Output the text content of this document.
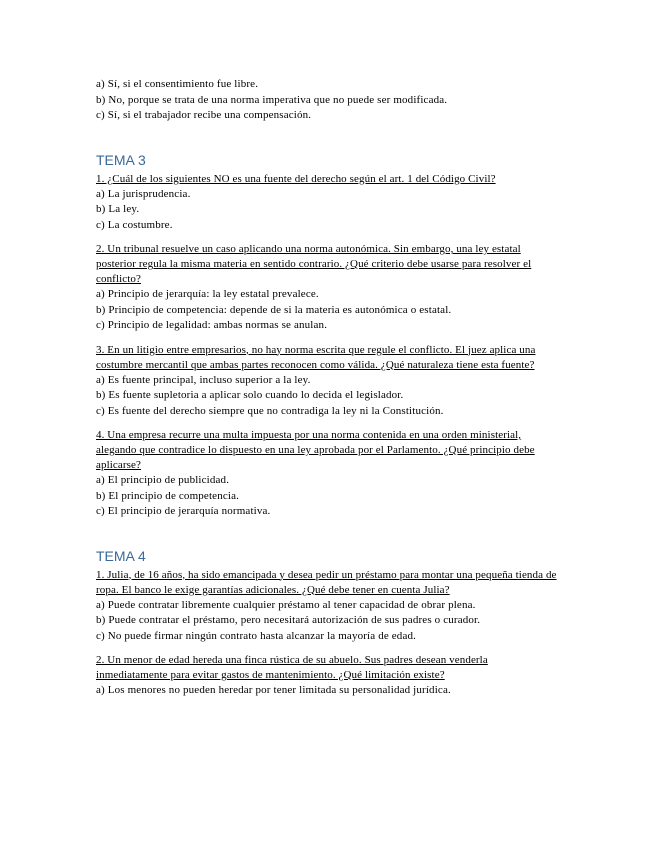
a) Sí, si el consentimiento fue libre.
b) No, porque se trata de una norma imperativa que no puede ser modificada.
c) Sí, si el trabajador recibe una compensación.
TEMA 3
1. ¿Cuál de los siguientes NO es una fuente del derecho según el art. 1 del Código Civil?
a) La jurisprudencia.
b) La ley.
c) La costumbre.
2. Un tribunal resuelve un caso aplicando una norma autonómica. Sin embargo, una ley estatal posterior regula la misma materia en sentido contrario. ¿Qué criterio debe usarse para resolver el conflicto?
a) Principio de jerarquía: la ley estatal prevalece.
b) Principio de competencia: depende de si la materia es autonómica o estatal.
c) Principio de legalidad: ambas normas se anulan.
3. En un litigio entre empresarios, no hay norma escrita que regule el conflicto. El juez aplica una costumbre mercantil que ambas partes reconocen como válida. ¿Qué naturaleza tiene esta fuente?
a) Es fuente principal, incluso superior a la ley.
b) Es fuente supletoria a aplicar solo cuando lo decida el legislador.
c) Es fuente del derecho siempre que no contradiga la ley ni la Constitución.
4. Una empresa recurre una multa impuesta por una norma contenida en una orden ministerial, alegando que contradice lo dispuesto en una ley aprobada por el Parlamento. ¿Qué principio debe aplicarse?
a) El principio de publicidad.
b) El principio de competencia.
c) El principio de jerarquía normativa.
TEMA 4
1. Julia, de 16 años, ha sido emancipada y desea pedir un préstamo para montar una pequeña tienda de ropa. El banco le exige garantías adicionales. ¿Qué debe tener en cuenta Julia?
a) Puede contratar libremente cualquier préstamo al tener capacidad de obrar plena.
b) Puede contratar el préstamo, pero necesitará autorización de sus padres o curador.
c) No puede firmar ningún contrato hasta alcanzar la mayoría de edad.
2. Un menor de edad hereda una finca rústica de su abuelo. Sus padres desean venderla inmediatamente para evitar gastos de mantenimiento. ¿Qué limitación existe?
a) Los menores no pueden heredar por tener limitada su personalidad jurídica.
